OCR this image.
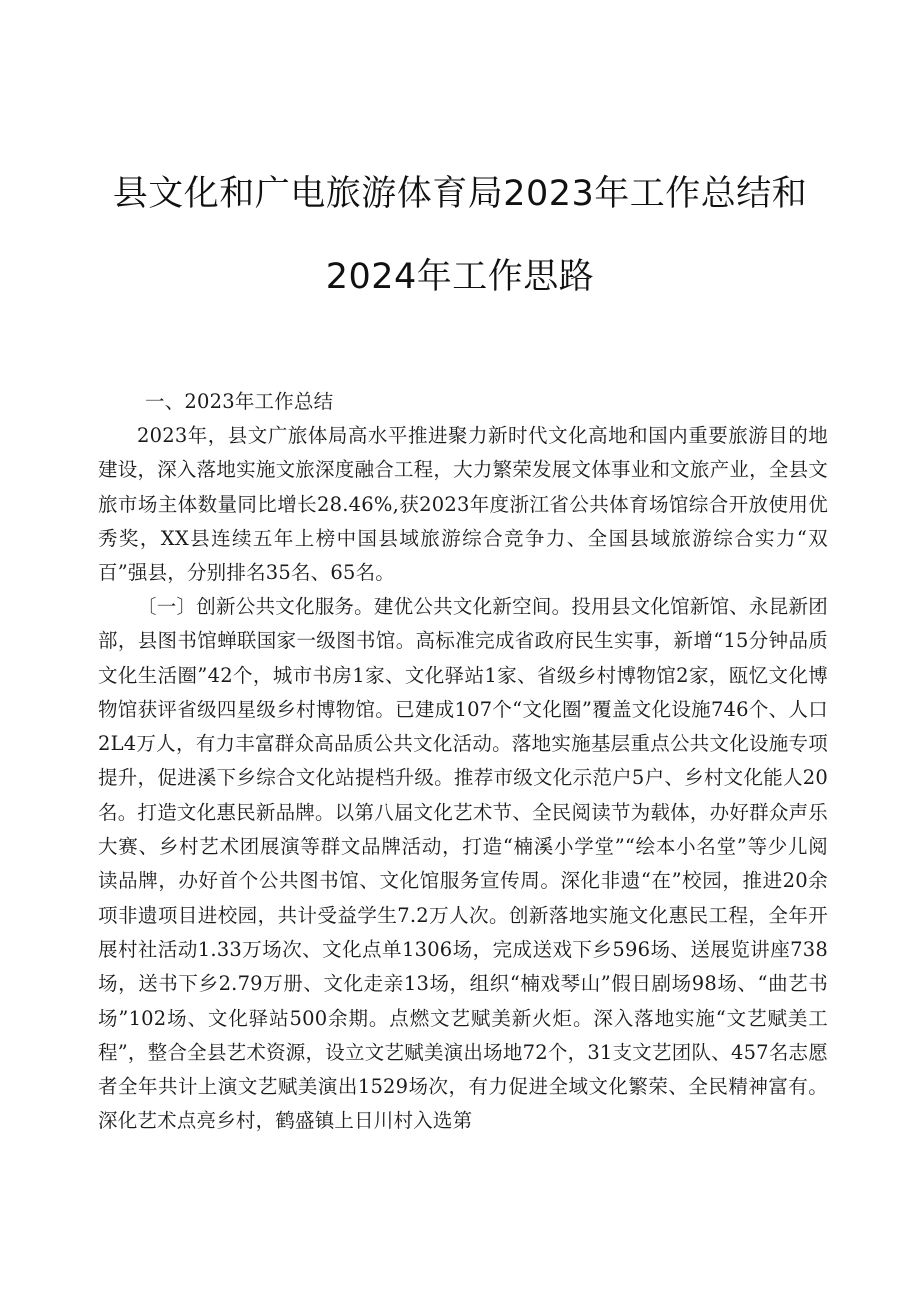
县文化和广电旅游体育局2023年工作总结和
2024年工作思路
一、2023年工作总结

2023年，县文广旅体局高水平推进聚力新时代文化高地和国内重要旅游目的地建设，深入落地实施文旅深度融合工程，大力繁荣发展文体事业和文旅产业，全县文旅市场主体数量同比增长28.46%,获2023年度浙江省公共体育场馆综合开放使用优秀奖，XX县连续五年上榜中国县域旅游综合竞争力、全国县域旅游综合实力“双百”强县，分别排名35名、65名。

〔一〕创新公共文化服务。建优公共文化新空间。投用县文化馆新馆、永昆新团部，县图书馆蝉联国家一级图书馆。高标准完成省政府民生实事，新增“15分钟品质文化生活圈”42个，城市书房1家、文化驿站1家、省级乡村博物馆2家，瓯忆文化博物馆获评省级四星级乡村博物馆。已建成107个“文化圈”覆盖文化设施746个、人口2L4万人，有力丰富群众高品质公共文化活动。落地实施基层重点公共文化设施专项提升，促进溪下乡综合文化站提档升级。推荐市级文化示范户5户、乡村文化能人20名。打造文化惠民新品牌。以第八届文化艺术节、全民阅读节为载体，办好群众声乐大赛、乡村艺术团展演等群文品牌活动，打造“楠溪小学堂”“绘本小名堂”等少儿阅读品牌，办好首个公共图书馆、文化馆服务宣传周。深化非遗“在”校园，推进20余项非遗项目进校园，共计受益学生7.2万人次。创新落地实施文化惠民工程，全年开展村社活动1.33万场次、文化点单1306场，完成送戏下乡596场、送展览讲座738场，送书下乡2.79万册、文化走亲13场，组织“楠戏琴山”假日剧场98场、“曲艺书场”102场、文化驿站500余期。点燃文艺赋美新火炬。深入落地实施“文艺赋美工程”，整合全县艺术资源，设立文艺赋美演出场地72个，31支文艺团队、457名志愿者全年共计上演文艺赋美演出1529场次，有力促进全域文化繁荣、全民精神富有。深化艺术点亮乡村，鹤盛镇上日川村入选第
